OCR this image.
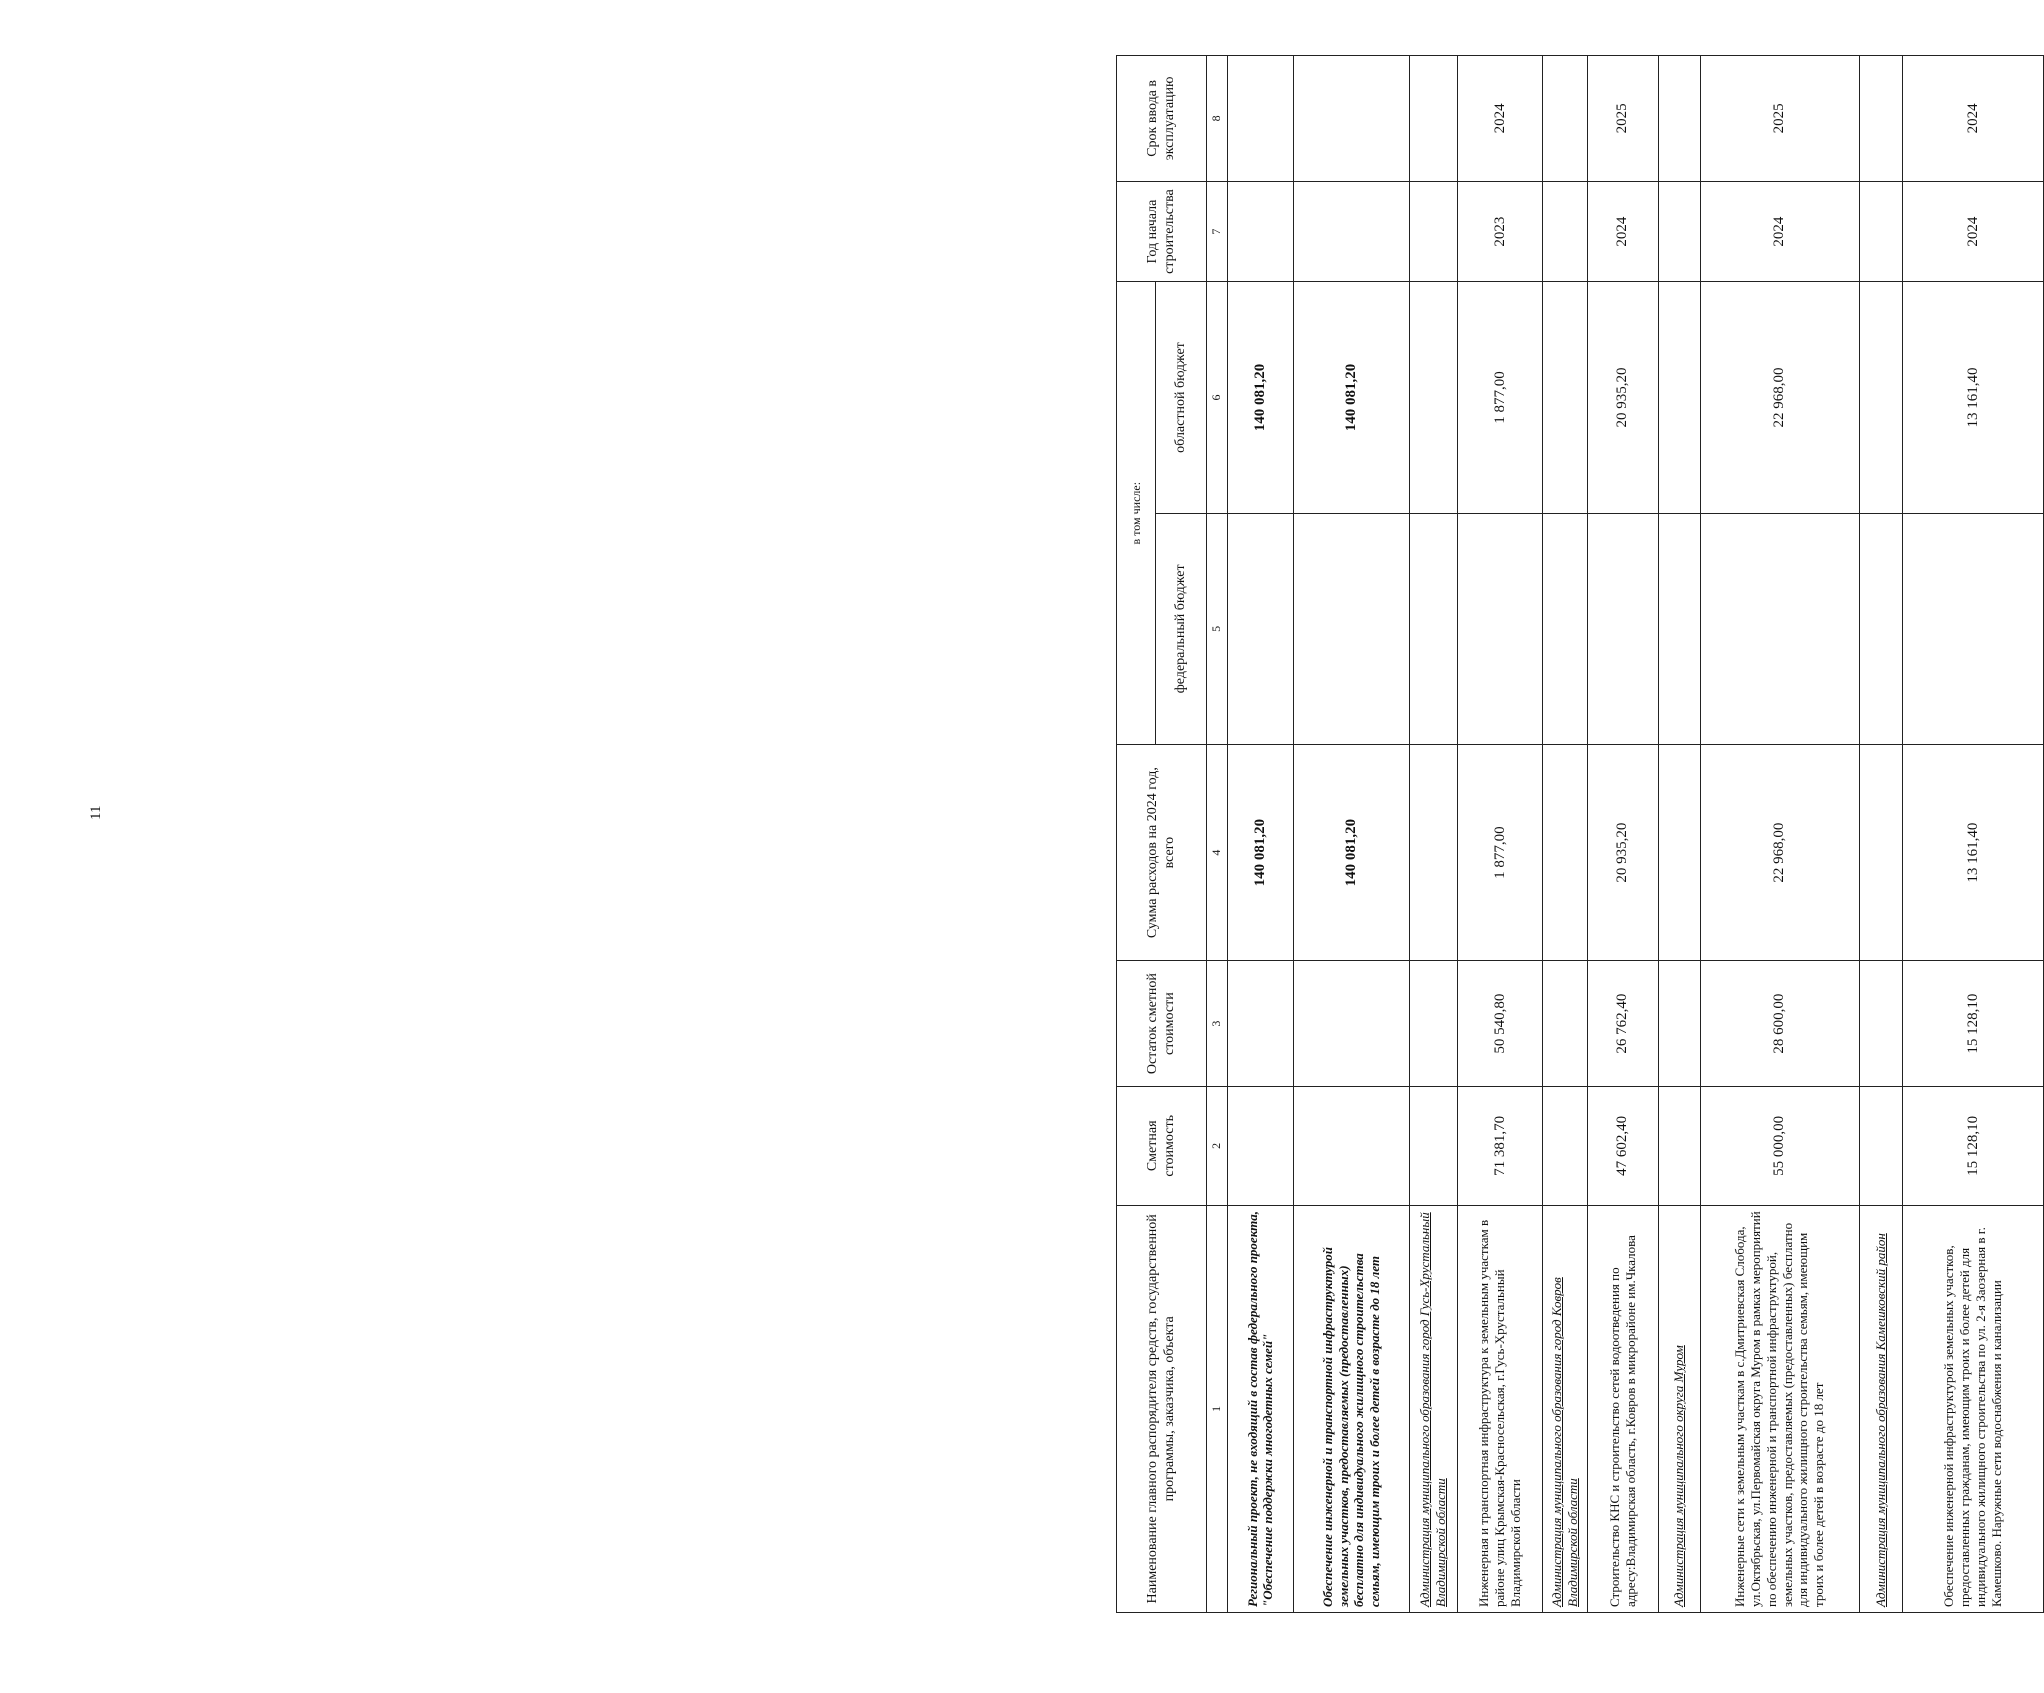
11
Наименование главного распорядителя средств, государственной программы, заказчика, объекта	Сметная стоимость	Остаток сметной стоимости	Сумма расходов на 2024 год, всего	в том числе:		Год начала строительства	Срок ввода в эксплуатацию
				федеральный бюджет	областной бюджет		
1	2	3	4	5	6	7	8
Региональный проект, не входящий в состав федерального проекта, "Обеспечение поддержки многодетных семей"			140 081,20		140 081,20		
Обеспечение инженерной и транспортной инфраструктурой земельных участков, предоставляемых (предоставленных) бесплатно для индивидуального жилищного строительства семьям, имеющим троих и более детей в возрасте до 18 лет			140 081,20		140 081,20		
Администрация муниципального образования город Гусь-Хрустальный Владимирской области							
Инженерная и транспортная инфраструктура к земельным участкам в районе улиц Крымская-Красносельская, г.Гусь-Хрустальный Владимирской области	71 381,70	50 540,80	1 877,00		1 877,00	2023	2024
Администрация муниципального образования город Ковров Владимирской области							
Строительство КНС и строительство сетей водоотведения по адресу:Владимирская область, г.Ковров в микрорайоне им.Чкалова	47 602,40	26 762,40	20 935,20		20 935,20	2024	2025
Администрация муниципального округа Муром							
Инженерные сети к земельным участкам в с.Дмитриевская Слобода, ул.Октябрьская, ул.Первомайская округа Муром в рамках мероприятий по обеспечению инженерной и транспортной инфраструктурой, земельных участков, предоставляемых (предоставленных) бесплатно для индивидуального жилищного строительства семьям, имеющим троих и более детей в возрасте до 18 лет	55 000,00	28 600,00	22 968,00		22 968,00	2024	2025
Администрация муниципального образования Камешковский район							
Обеспечение инженерной инфраструктурой земельных участков, предоставленных гражданам, имеющим троих и более детей для индивидуального жилищного строительства по ул. 2-я Заозерная в г. Камешково. Наружные сети водоснабжения и канализации	15 128,10	15 128,10	13 161,40		13 161,40	2024	2024
